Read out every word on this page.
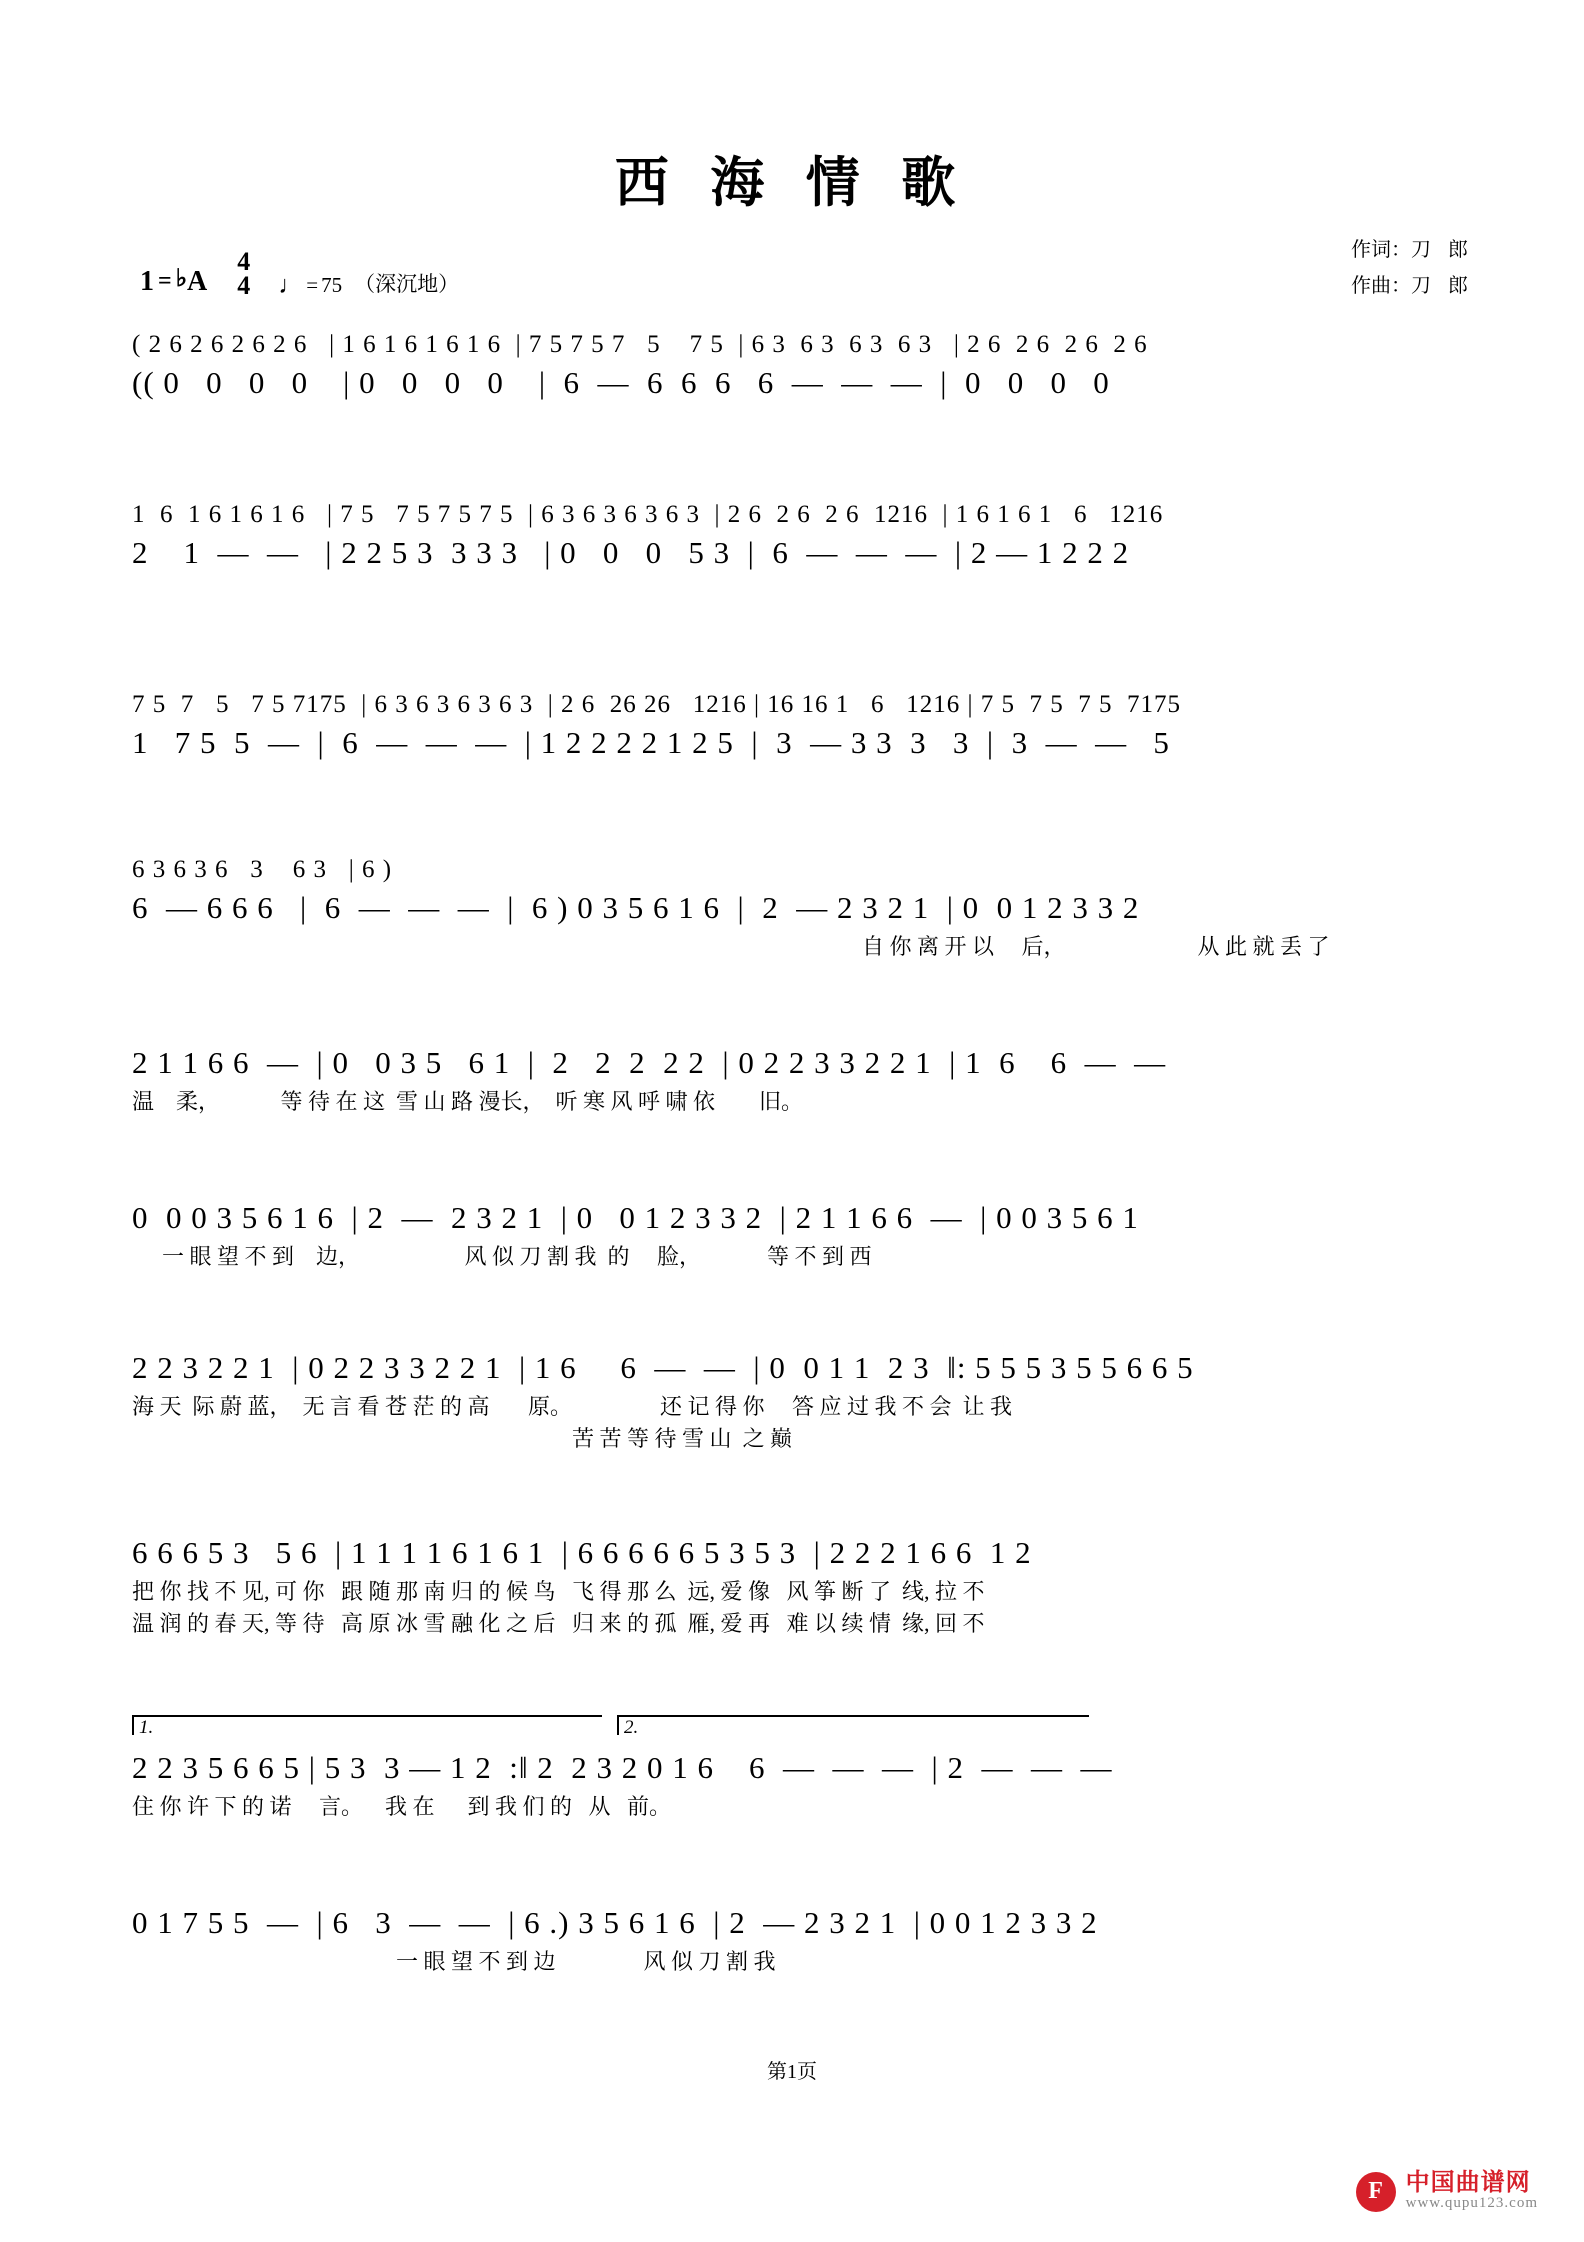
西 海 情 歌
作词：刀 郎
作曲：刀 郎
1 = ♭ A
4
4 ♩ = 75 （深沉地）
( 2 6 2 6 2 6 2 6   | 1 6 1 6 1 6 1 6  | 7 5 7 5 7   5    7 5  | 6 3  6 3  6 3  6 3   | 2 6  2 6  2 6  2 6
(( 0   0   0   0    | 0   0   0   0    |  6  —  6  6  6   6  —  —  —  |  0   0   0   0
1  6  1 6 1 6 1 6   | 7 5   7 5 7 5 7 5  | 6 3 6 3 6 3 6 3  | 2 6  2 6  2 6  1216  | 1 6 1 6 1   6   1216
2    1  —  —   | 2 2 5 3  3 3 3   | 0   0   0   5 3  |  6  —  —  —  | 2 — 1 2 2 2
7 5  7   5   7 5 7175  | 6 3 6 3 6 3 6 3  | 2 6  26 26   1216 | 16 16 1   6   1216 | 7 5  7 5  7 5  7175
1   7 5  5  —  |  6  —  —  —  | 1 2 2 2 2 1 2 5  |  3  — 3 3  3   3  |  3  —  —   5
6 3 6 3 6   3    6 3   | 6 )
6  — 6 6 6   |  6  —  —  —  |  6 ) 0 3 5 6 1 6  |  2  — 2 3 2 1  | 0  0 1 2 3 3 2
自 你 离 开 以     后，                        从 此 就 丢 了
2 1 1 6 6  —  | 0   0 3 5   6 1  |  2   2  2  2 2  | 0 2 2 3 3 2 2 1  | 1  6    6  —  —
温    柔，           等 待 在 这  雪 山 路 漫长，  听 寒 风 呼 啸 依        旧。
0  0 0 3 5 6 1 6  | 2  —  2 3 2 1  | 0   0 1 2 3 3 2  | 2 1 1 6 6  —  | 0 0 3 5 6 1
一 眼 望 不 到    边，                   风 似 刀 割 我  的     脸，            等 不 到 西
2 2 3 2 2 1  | 0 2 2 3 3 2 2 1  | 1 6     6  —  —  | 0  0 1 1  2 3  ‖: 5 5 5 3 5 5 6 6 5
海 天  际 蔚 蓝，  无 言 看 苍 茫 的 高       原。                还 记 得 你     答 应 过 我 不 会  让 我
苦 苦 等 待 雪 山  之 巅
6 6 6 5 3   5 6  | 1 1 1 1 6 1 6 1  | 6 6 6 6 6 5 3 5 3  | 2 2 2 1 6 6  1 2
把 你 找 不 见, 可 你   跟 随 那 南 归 的 候 鸟   飞 得 那 么  远, 爱 像   风 筝 断 了  线, 拉 不
温 润 的 春 天, 等 待   高 原 冰 雪 融 化 之 后   归 来 的 孤  雁, 爱 再   难 以 续 情  缘, 回 不
1.	2.
2 2 3 5 6 6 5 | 5 3  3 — 1 2  :‖ 2  2 3 2 0 1 6    6  —  —  —  | 2  —  —  —
住 你 许 下 的 诺     言。    我 在      到 我 们 的   从   前。
0 1 7 5 5  —  | 6   3  —  —  | 6 .) 3 5 6 1 6  | 2  — 2 3 2 1  | 0 0 1 2 3 3 2
一 眼 望 不 到 边                风 似 刀 割 我
第1页
F 中国曲谱网
www.qupu123.com
